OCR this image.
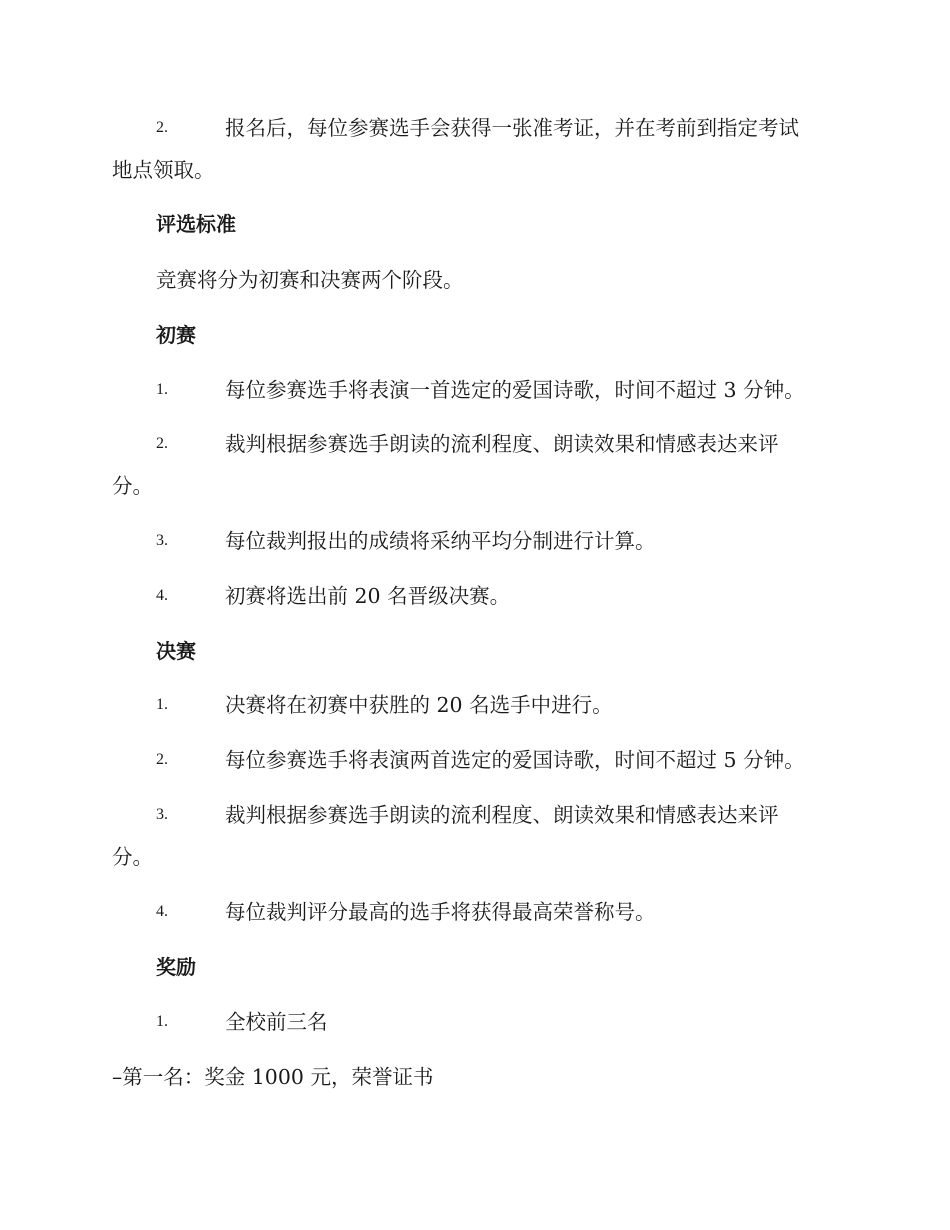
2.	报名后，每位参赛选手会获得一张准考证，并在考前到指定考试
地点领取。
评选标准
竞赛将分为初赛和决赛两个阶段。
初赛
1.	每位参赛选手将表演一首选定的爱国诗歌，时间不超过 3 分钟。
2.	裁判根据参赛选手朗读的流利程度、朗读效果和情感表达来评
分。
3.	每位裁判报出的成绩将采纳平均分制进行计算。
4.	初赛将选出前 20 名晋级决赛。
决赛
1.	决赛将在初赛中获胜的 20 名选手中进行。
2.	每位参赛选手将表演两首选定的爱国诗歌，时间不超过 5 分钟。
3.	裁判根据参赛选手朗读的流利程度、朗读效果和情感表达来评
分。
4.	每位裁判评分最高的选手将获得最高荣誉称号。
奖励
1.	全校前三名
–第一名：奖金 1000 元，荣誉证书
